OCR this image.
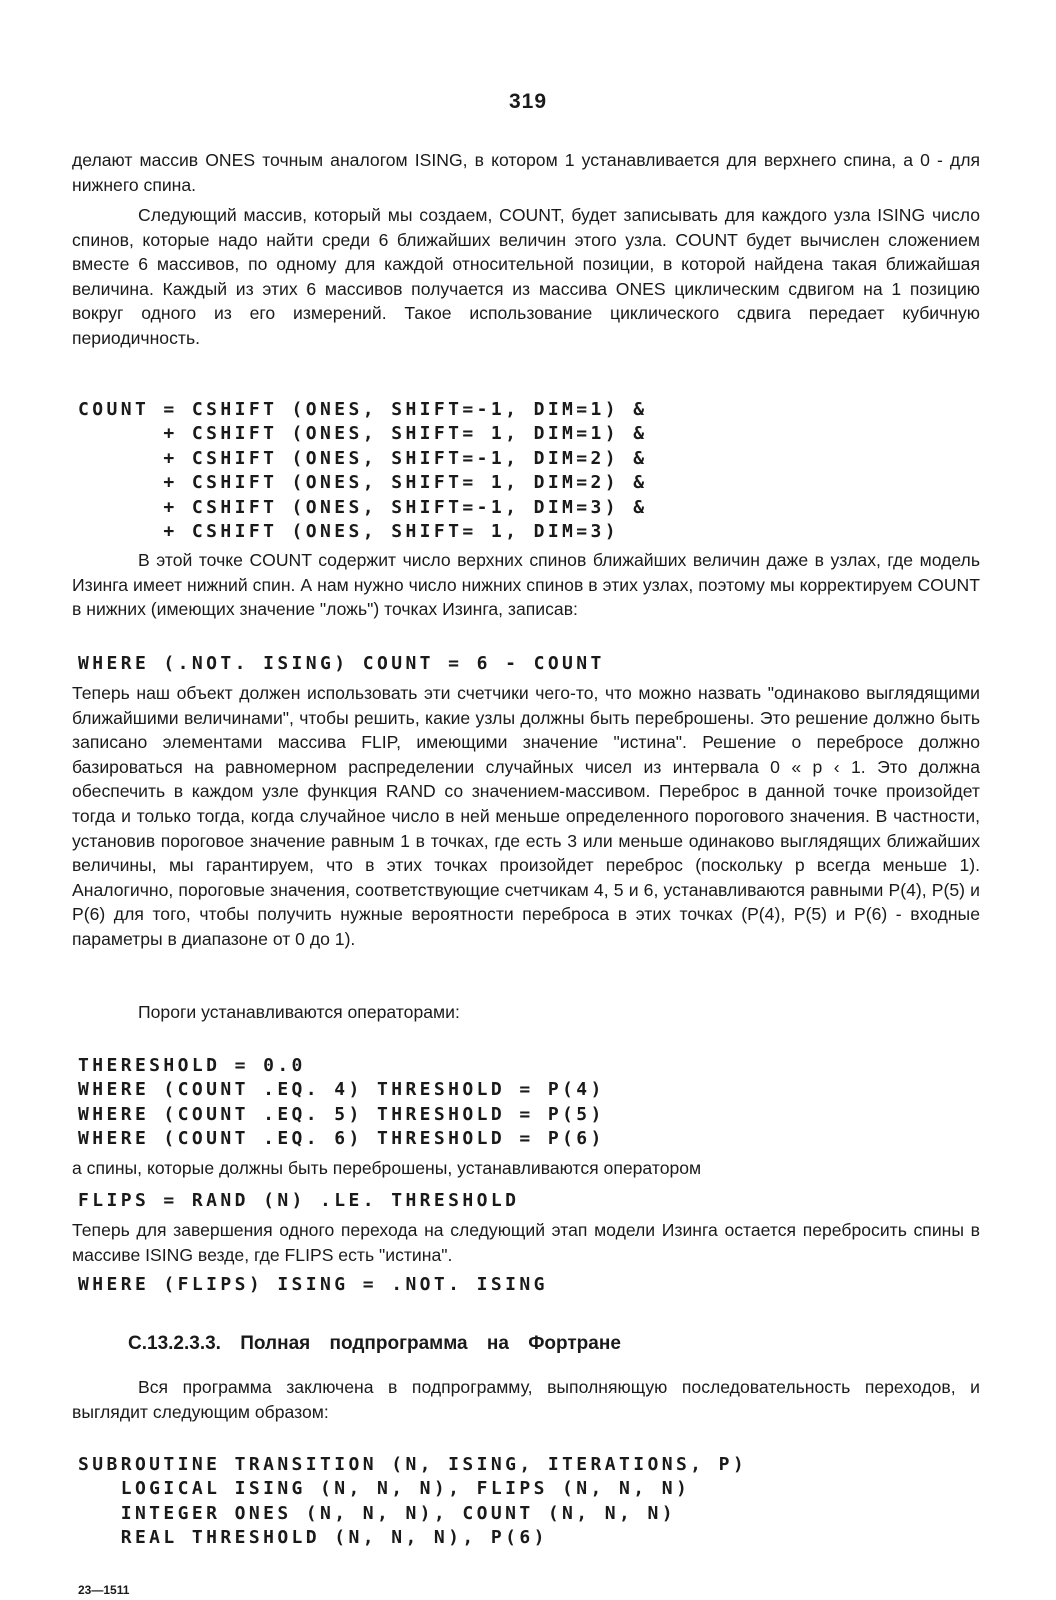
319

делают массив ONES точным аналогом ISING, в котором 1 устанавливается для верхнего спина, а 0 - для нижнего спина.

Следующий массив, который мы создаем, COUNT, будет записывать для каждого узла ISING число спинов, которые надо найти среди 6 ближайших величин этого узла. COUNT будет вычислен сложением вместе 6 массивов, по одному для каждой относительной позиции, в которой найдена такая ближайшая величина. Каждый из этих 6 массивов получается из массива ONES циклическим сдвигом на 1 позицию вокруг одного из его измерений. Такое использование циклического сдвига передает кубичную периодичность.

COUNT = CSHIFT (ONES, SHIFT=-1, DIM=1) &
+ CSHIFT (ONES, SHIFT= 1, DIM=1) &
+ CSHIFT (ONES, SHIFT=-1, DIM=2) &
+ CSHIFT (ONES, SHIFT= 1, DIM=2) &
+ CSHIFT (ONES, SHIFT=-1, DIM=3) &
+ CSHIFT (ONES, SHIFT= 1, DIM=3)

В этой точке COUNT содержит число верхних спинов ближайших величин даже в узлах, где модель Изинга имеет нижний спин. А нам нужно число нижних спинов в этих узлах, поэтому мы корректируем COUNT в нижних (имеющих значение "ложь") точках Изинга, записав:

WHERE (.NOT. ISING) COUNT = 6 - COUNT

Теперь наш объект должен использовать эти счетчики чего-то, что можно назвать "одинаково выглядящими ближайшими величинами", чтобы решить, какие узлы должны быть переброшены. Это решение должно быть записано элементами массива FLIP, имеющими значение "истина". Решение о перебросе должно базироваться на равномерном распределении случайных чисел из интервала 0 « p ‹ 1. Это должна обеспечить в каждом узле функция RAND со значением-массивом. Переброс в данной точке произойдет тогда и только тогда, когда случайное число в ней меньше определенного порогового значения. В частности, установив пороговое значение равным 1 в точках, где есть 3 или меньше одинаково выглядящих ближайших величины, мы гарантируем, что в этих точках произойдет переброс (поскольку p всегда меньше 1). Аналогично, пороговые значения, соответствующие счетчикам 4, 5 и 6, устанавливаются равными P(4), P(5) и P(6) для того, чтобы получить нужные вероятности переброса в этих точках (P(4), P(5) и P(6) - входные параметры в диапазоне от 0 до 1).

Пороги устанавливаются операторами:

THERESHOLD = 0.0
WHERE (COUNT .EQ. 4) THRESHOLD = P(4)
WHERE (COUNT .EQ. 5) THRESHOLD = P(5)
WHERE (COUNT .EQ. 6) THRESHOLD = P(6)

а спины, которые должны быть переброшены, устанавливаются оператором

FLIPS = RAND (N) .LE. THRESHOLD

Теперь для завершения одного перехода на следующий этап модели Изинга остается перебросить спины в массиве ISING везде, где FLIPS есть "истина".

WHERE (FLIPS) ISING = .NOT. ISING
С.13.2.3.3. Полная подпрограмма на Фортране

Вся программа заключена в подпрограмму, выполняющую последовательность переходов, и выглядит следующим образом:

SUBROUTINE TRANSITION (N, ISING, ITERATIONS, P)
LOGICAL ISING (N, N, N), FLIPS (N, N, N)
INTEGER ONES (N, N, N), COUNT (N, N, N)
REAL THRESHOLD (N, N, N), P(6)
23—1511
